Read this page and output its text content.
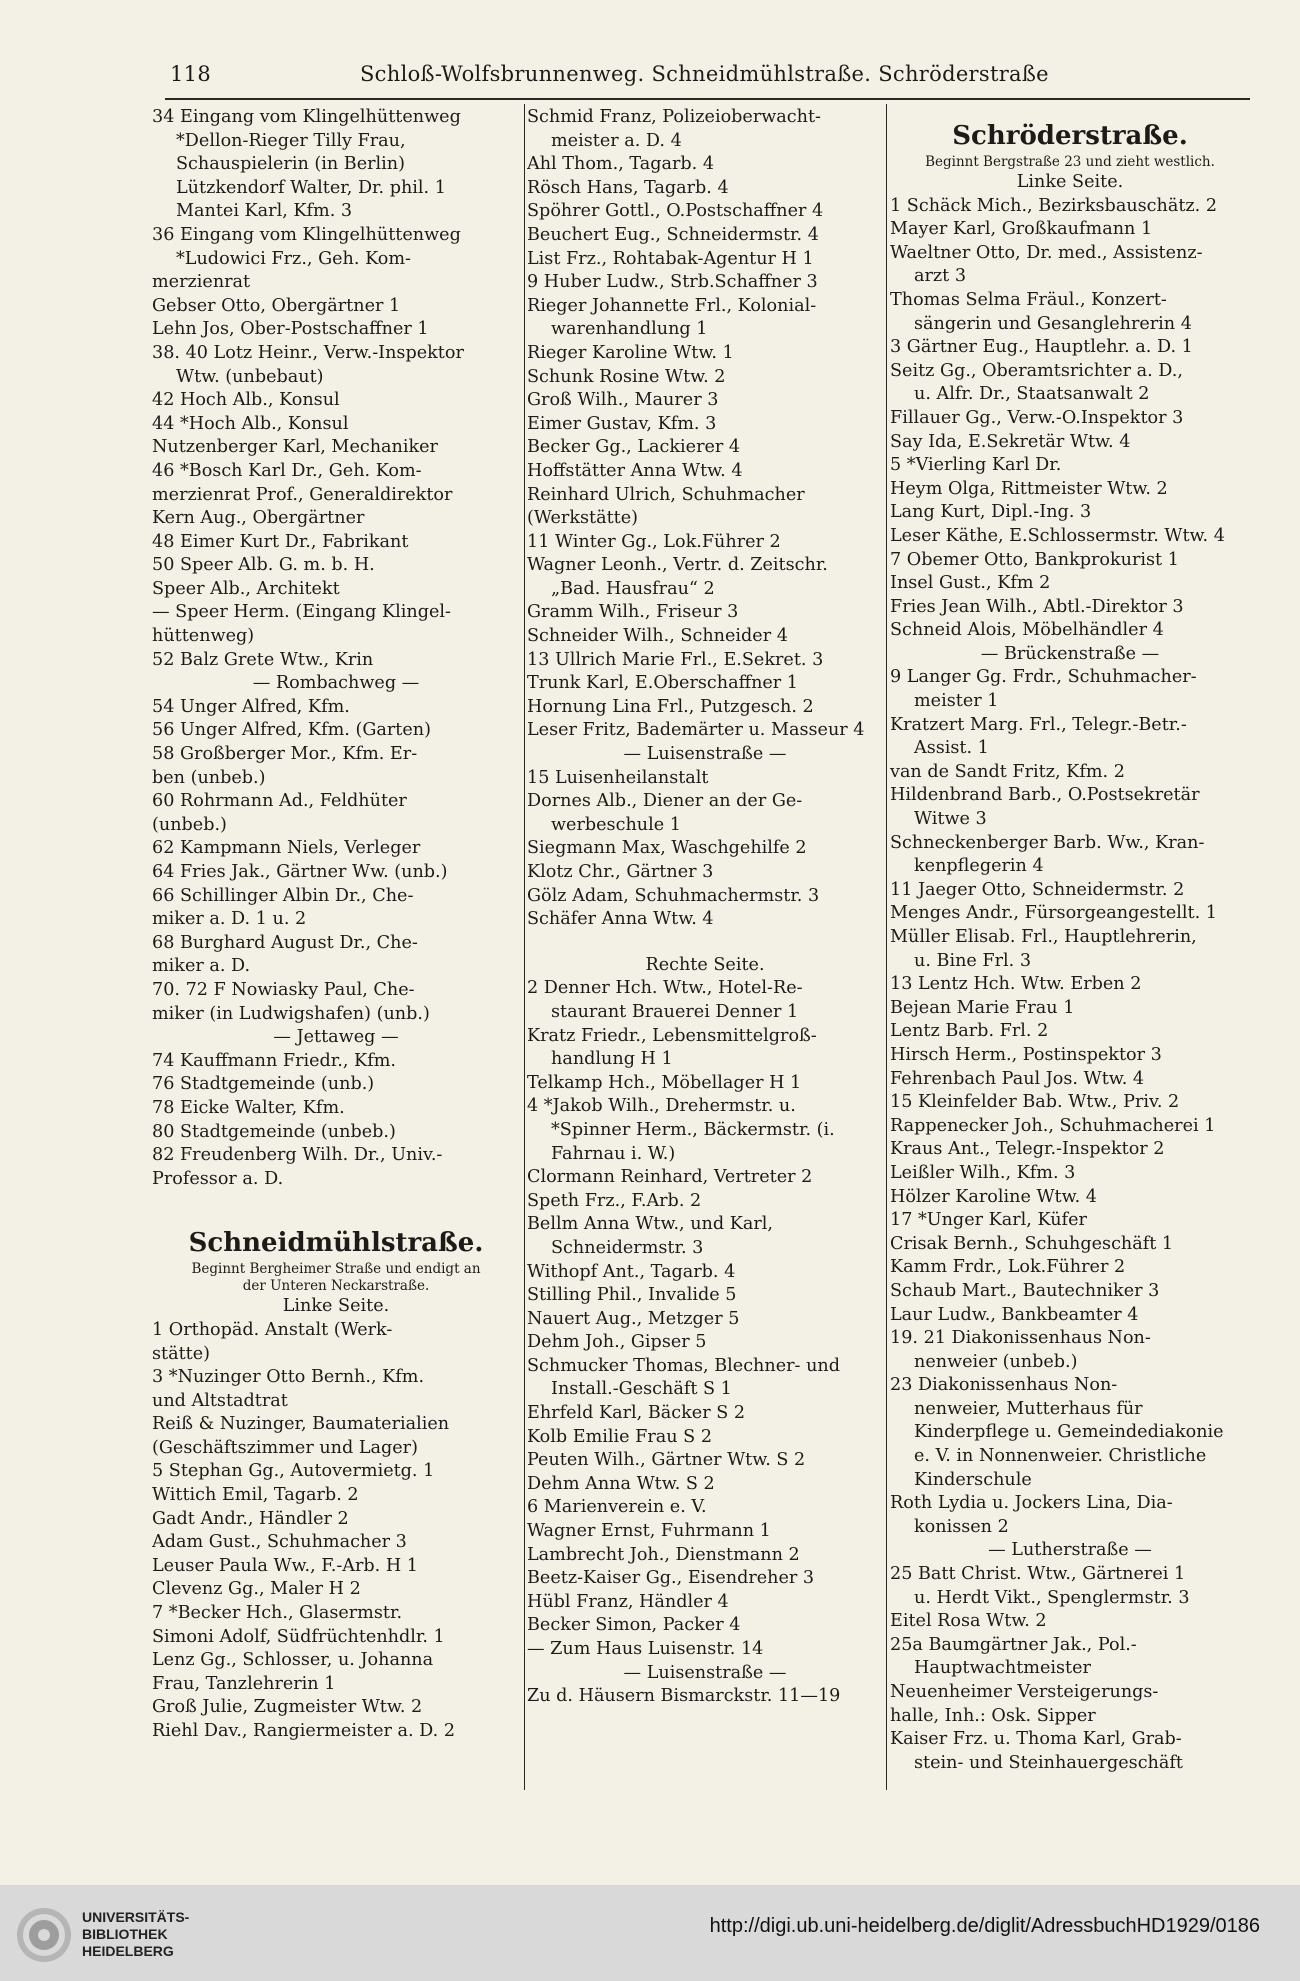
118	Schloß-Wolfsbrunnenweg. Schneidmühlstraße. Schröderstraße
34 Eingang vom Klingelhüttenweg
*Dellon-Rieger Tilly Frau,
Schauspielerin (in Berlin)
Lützkendorf Walter, Dr. phil. 1
Mantei Karl, Kfm. 3
36 Eingang vom Klingelhüttenweg
*Ludowici Frz., Geh. Kom-
merzienrat
Gebser Otto, Obergärtner 1
Lehn Jos, Ober-Postschaffner 1
38. 40 Lotz Heinr., Verw.-Inspektor
Wtw. (unbebaut)
42 Hoch Alb., Konsul
44 *Hoch Alb., Konsul
Nutzenberger Karl, Mechaniker
46 *Bosch Karl Dr., Geh. Kom-
merzienrat Prof., Generaldirektor
Kern Aug., Obergärtner
48 Eimer Kurt Dr., Fabrikant
50 Speer Alb. G. m. b. H.
Speer Alb., Architekt
— Speer Herm. (Eingang Klingel-
hüttenweg)
52 Balz Grete Wtw., Krin
— Rombachweg —
54 Unger Alfred, Kfm.
56 Unger Alfred, Kfm. (Garten)
58 Großberger Mor., Kfm. Er-
ben (unbeb.)
60 Rohrmann Ad., Feldhüter
(unbeb.)
62 Kampmann Niels, Verleger
64 Fries Jak., Gärtner Ww. (unb.)
66 Schillinger Albin Dr., Che-
miker a. D. 1 u. 2
68 Burghard August Dr., Che-
miker a. D.
70. 72 F Nowiasky Paul, Che-
miker (in Ludwigshafen) (unb.)
— Jettaweg —
74 Kauffmann Friedr., Kfm.
76 Stadtgemeinde (unb.)
78 Eicke Walter, Kfm.
80 Stadtgemeinde (unbeb.)
82 Freudenberg Wilh. Dr., Univ.-
Professor a. D.
Schneidmühlstraße.
Beginnt Bergheimer Straße und endigt an
der Unteren Neckarstraße.
Linke Seite.
1 Orthopäd. Anstalt (Werk-
stätte)
3 *Nuzinger Otto Bernh., Kfm.
und Altstadtrat
Reiß & Nuzinger, Baumaterialien
(Geschäftszimmer und Lager)
5 Stephan Gg., Autovermietg. 1
Wittich Emil, Tagarb. 2
Gadt Andr., Händler 2
Adam Gust., Schuhmacher 3
Leuser Paula Ww., F.-Arb. H 1
Clevenz Gg., Maler H 2
7 *Becker Hch., Glasermstr.
Simoni Adolf, Südfrüchtenhdlr. 1
Lenz Gg., Schlosser, u. Johanna
Frau, Tanzlehrerin 1
Groß Julie, Zugmeister Wtw. 2
Riehl Dav., Rangiermeister a. D. 2
Schmid Franz, Polizeioberwacht-
meister a. D. 4
Ahl Thom., Tagarb. 4
Rösch Hans, Tagarb. 4
Spöhrer Gottl., O.Postschaffner 4
Beuchert Eug., Schneidermstr. 4
List Frz., Rohtabak-Agentur H 1
9 Huber Ludw., Strb.Schaffner 3
Rieger Johannette Frl., Kolonial-
warenhandlung 1
Rieger Karoline Wtw. 1
Schunk Rosine Wtw. 2
Groß Wilh., Maurer 3
Eimer Gustav, Kfm. 3
Becker Gg., Lackierer 4
Hoffstätter Anna Wtw. 4
Reinhard Ulrich, Schuhmacher
(Werkstätte)
11 Winter Gg., Lok.Führer 2
Wagner Leonh., Vertr. d. Zeitschr.
„Bad. Hausfrau“ 2
Gramm Wilh., Friseur 3
Schneider Wilh., Schneider 4
13 Ullrich Marie Frl., E.Sekret. 3
Trunk Karl, E.Oberschaffner 1
Hornung Lina Frl., Putzgesch. 2
Leser Fritz, Bademärter u. Masseur 4
— Luisenstraße —
15 Luisenheilanstalt
Dornes Alb., Diener an der Ge-
werbeschule 1
Siegmann Max, Waschgehilfe 2
Klotz Chr., Gärtner 3
Gölz Adam, Schuhmachermstr. 3
Schäfer Anna Wtw. 4
Rechte Seite.
2 Denner Hch. Wtw., Hotel-Re-
staurant Brauerei Denner 1
Kratz Friedr., Lebensmittelgroß-
handlung H 1
Telkamp Hch., Möbellager H 1
4 *Jakob Wilh., Drehermstr. u.
*Spinner Herm., Bäckermstr. (i.
Fahrnau i. W.)
Clormann Reinhard, Vertreter 2
Speth Frz., F.Arb. 2
Bellm Anna Wtw., und Karl,
Schneidermstr. 3
Withopf Ant., Tagarb. 4
Stilling Phil., Invalide 5
Nauert Aug., Metzger 5
Dehm Joh., Gipser 5
Schmucker Thomas, Blechner- und
Install.-Geschäft S 1
Ehrfeld Karl, Bäcker S 2
Kolb Emilie Frau S 2
Peuten Wilh., Gärtner Wtw. S 2
Dehm Anna Wtw. S 2
6 Marienverein e. V.
Wagner Ernst, Fuhrmann 1
Lambrecht Joh., Dienstmann 2
Beetz-Kaiser Gg., Eisendreher 3
Hübl Franz, Händler 4
Becker Simon, Packer 4
— Zum Haus Luisenstr. 14
— Luisenstraße —
Zu d. Häusern Bismarckstr. 11—19
Schröderstraße.
Beginnt Bergstraße 23 und zieht westlich.
Linke Seite.
1 Schäck Mich., Bezirksbauschätz. 2
Mayer Karl, Großkaufmann 1
Waeltner Otto, Dr. med., Assistenz-
arzt 3
Thomas Selma Fräul., Konzert-
sängerin und Gesanglehrerin 4
3 Gärtner Eug., Hauptlehr. a. D. 1
Seitz Gg., Oberamtsrichter a. D.,
u. Alfr. Dr., Staatsanwalt 2
Fillauer Gg., Verw.-O.Inspektor 3
Say Ida, E.Sekretär Wtw. 4
5 *Vierling Karl Dr.
Heym Olga, Rittmeister Wtw. 2
Lang Kurt, Dipl.-Ing. 3
Leser Käthe, E.Schlossermstr. Wtw. 4
7 Obemer Otto, Bankprokurist 1
Insel Gust., Kfm 2
Fries Jean Wilh., Abtl.-Direktor 3
Schneid Alois, Möbelhändler 4
— Brückenstraße —
9 Langer Gg. Frdr., Schuhmacher-
meister 1
Kratzert Marg. Frl., Telegr.-Betr.-
Assist. 1
van de Sandt Fritz, Kfm. 2
Hildenbrand Barb., O.Postsekretär
Witwe 3
Schneckenberger Barb. Ww., Kran-
kenpflegerin 4
11 Jaeger Otto, Schneidermstr. 2
Menges Andr., Fürsorgeangestellt. 1
Müller Elisab. Frl., Hauptlehrerin,
u. Bine Frl. 3
13 Lentz Hch. Wtw. Erben 2
Bejean Marie Frau 1
Lentz Barb. Frl. 2
Hirsch Herm., Postinspektor 3
Fehrenbach Paul Jos. Wtw. 4
15 Kleinfelder Bab. Wtw., Priv. 2
Rappenecker Joh., Schuhmacherei 1
Kraus Ant., Telegr.-Inspektor 2
Leißler Wilh., Kfm. 3
Hölzer Karoline Wtw. 4
17 *Unger Karl, Küfer
Crisak Bernh., Schuhgeschäft 1
Kamm Frdr., Lok.Führer 2
Schaub Mart., Bautechniker 3
Laur Ludw., Bankbeamter 4
19. 21 Diakonissenhaus Non-
nenweier (unbeb.)
23 Diakonissenhaus Non-
nenweier, Mutterhaus für
Kinderpflege u. Gemeindediakonie
e. V. in Nonnenweier. Christliche
Kinderschule
Roth Lydia u. Jockers Lina, Dia-
konissen 2
— Lutherstraße —
25 Batt Christ. Wtw., Gärtnerei 1
u. Herdt Vikt., Spenglermstr. 3
Eitel Rosa Wtw. 2
25a Baumgärtner Jak., Pol.-
Hauptwachtmeister
Neuenheimer Versteigerungs-
halle, Inh.: Osk. Sipper
Kaiser Frz. u. Thoma Karl, Grab-
stein- und Steinhauergeschäft
UNIVERSITÄTS-
BIBLIOTHEK
HEIDELBERG
http://digi.ub.uni-heidelberg.de/diglit/AdressbuchHD1929/0186
